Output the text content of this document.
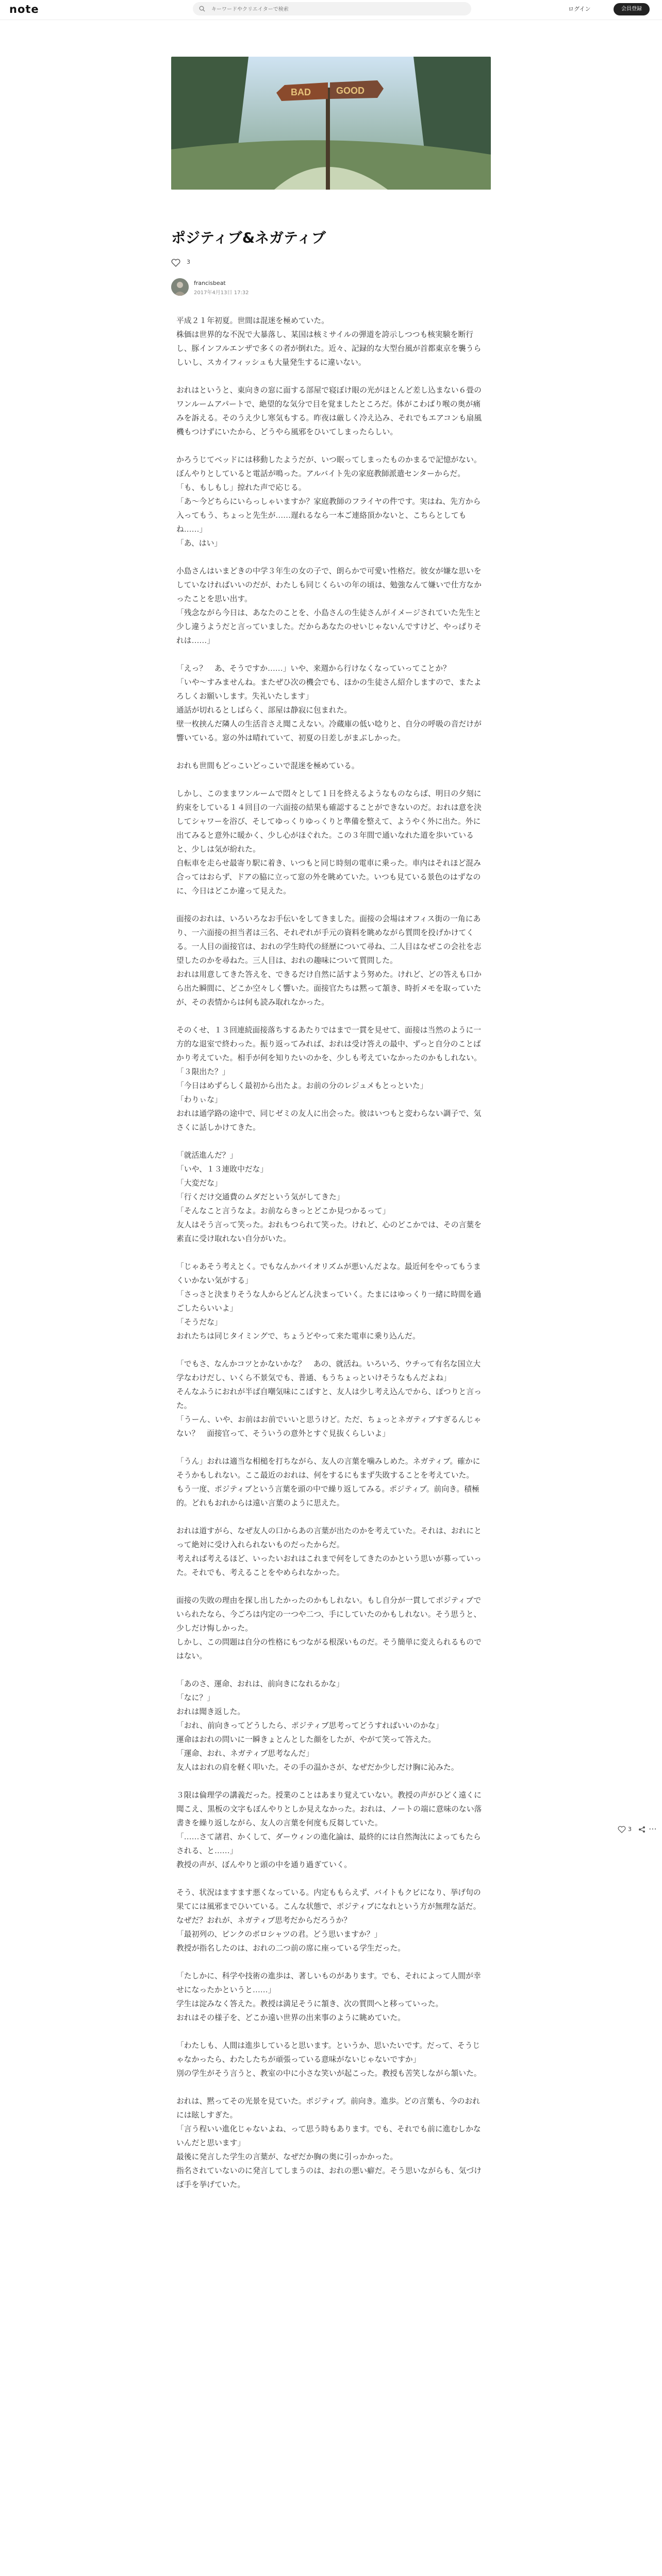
note
キーワードやクリエイターで検索	ログイン	会員登録
BAD	GOOD
ポジティブ&ネガティブ
3
francisbeat
2017年4月13日 17:32

平成２１年初夏。世間は混迷を極めていた。
株価は世界的な不況で大暴落し、某国は核ミサイルの弾道を誇示しつつも核実験を断行し、豚インフルエンザで多くの者が倒れた。近々、記録的な大型台風が首都東京を襲うらしいし、スカイフィッシュも大量発生するに違いない。

おれはというと、東向きの窓に面する部屋で寝ぼけ眼の光がほとんど差し込まない６畳のワンルームアパートで、絶望的な気分で目を覚ましたところだ。体がこわばり喉の奥が痛みを訴える。そのうえ少し寒気もする。昨夜は厳しく冷え込み、それでもエアコンも扇風機もつけずにいたから、どうやら風邪をひいてしまったらしい。

かろうじてベッドには移動したようだが、いつ眠ってしまったものかまるで記憶がない。
ぼんやりとしていると電話が鳴った。アルバイト先の家庭教師派遣センターからだ。
「も、もしもし」掠れた声で応じる。
「あ～今どちらにいらっしゃいますか？家庭教師のフライヤの件です。実はね、先方から入ってもう、ちょっと先生が……遅れるなら一本ご連絡頂かないと、こちらとしてもね……」
「あ、はい」

小島さんはいまどきの中学３年生の女の子で、朗らかで可愛い性格だ。彼女が嫌な思いをしていなければいいのだが、わたしも同じくらいの年の頃は、勉強なんて嫌いで仕方なかったことを思い出す。
「残念ながら今日は、あなたのことを、小島さんの生徒さんがイメージされていた先生と少し違うようだと言っていました。だからあなたのせいじゃないんですけど、やっぱりそれは……」

「えっ？　あ、そうですか……」いや、来週から行けなくなっていってことか？
「いや～すみませんね。またぜひ次の機会でも、ほかの生徒さん紹介しますので、またよろしくお願いします。失礼いたします」
通話が切れるとしばらく、部屋は静寂に包まれた。
壁一枚挟んだ隣人の生活音さえ聞こえない。冷蔵庫の低い唸りと、自分の呼吸の音だけが響いている。窓の外は晴れていて、初夏の日差しがまぶしかった。

おれも世間もどっこいどっこいで混迷を極めている。

しかし、このままワンルームで悶々として１日を終えるようなものならば、明日の夕刻に約束をしている１４回目の一六面接の結果も確認することができないのだ。おれは意を決してシャワーを浴び、そしてゆっくりゆっくりと準備を整えて、ようやく外に出た。外に出てみると意外に暖かく、少し心がほぐれた。この３年間で通いなれた道を歩いていると、少しは気が紛れた。
自転車を走らせ最寄り駅に着き、いつもと同じ時刻の電車に乗った。車内はそれほど混み合ってはおらず、ドアの脇に立って窓の外を眺めていた。いつも見ている景色のはずなのに、今日はどこか違って見えた。

面接のおれは、いろいろなお手伝いをしてきました。面接の会場はオフィス街の一角にあり、一六面接の担当者は三名、それぞれが手元の資料を眺めながら質問を投げかけてくる。一人目の面接官は、おれの学生時代の経歴について尋ね、二人目はなぜこの会社を志望したのかを尋ねた。三人目は、おれの趣味について質問した。
おれは用意してきた答えを、できるだけ自然に話すよう努めた。けれど、どの答えも口から出た瞬間に、どこか空々しく響いた。面接官たちは黙って頷き、時折メモを取っていたが、その表情からは何も読み取れなかった。

そのくせ、１３回連続面接落ちするあたりではまで一貫を見せて、面接は当然のように一方的な退室で終わった。振り返ってみれば、おれは受け答えの最中、ずっと自分のことばかり考えていた。相手が何を知りたいのかを、少しも考えていなかったのかもしれない。
「３限出た？」
「今日はめずらしく最初から出たよ。お前の分のレジュメもとっといた」
「わりぃな」
おれは通学路の途中で、同じゼミの友人に出会った。彼はいつもと変わらない調子で、気さくに話しかけてきた。

「就活進んだ？」
「いや、１３連敗中だな」
「大変だな」
「行くだけ交通費のムダだという気がしてきた」
「そんなこと言うなよ。お前ならきっとどこか見つかるって」
友人はそう言って笑った。おれもつられて笑った。けれど、心のどこかでは、その言葉を素直に受け取れない自分がいた。

「じゃあそう考えとく。でもなんかバイオリズムが悪いんだよな。最近何をやってもうまくいかない気がする」
「さっさと決まりそうな人からどんどん決まっていく。たまにはゆっくり一緒に時間を過ごしたらいいよ」
「そうだな」
おれたちは同じタイミングで、ちょうどやって来た電車に乗り込んだ。

「でもさ、なんかコツとかないかな？　あの、就活ね。いろいろ、ウチって有名な国立大学なわけだし、いくら不景気でも、普通、もうちょっといけそうなもんだよね」
そんなふうにおれが半ば自嘲気味にこぼすと、友人は少し考え込んでから、ぽつりと言った。
「うーん、いや、お前はお前でいいと思うけど。ただ、ちょっとネガティブすぎるんじゃない？　面接官って、そういうの意外とすぐ見抜くらしいよ」

「うん」おれは適当な相槌を打ちながら、友人の言葉を噛みしめた。ネガティブ。確かにそうかもしれない。ここ最近のおれは、何をするにもまず失敗することを考えていた。
もう一度、ポジティブという言葉を頭の中で繰り返してみる。ポジティブ。前向き。積極的。どれもおれからは遠い言葉のように思えた。

おれは道すがら、なぜ友人の口からあの言葉が出たのかを考えていた。それは、おれにとって絶対に受け入れられないものだったからだ。
考えれば考えるほど、いったいおれはこれまで何をしてきたのかという思いが募っていった。それでも、考えることをやめられなかった。

面接の失敗の理由を探し出したかったのかもしれない。もし自分が一貫してポジティブでいられたなら、今ごろは内定の一つや二つ、手にしていたのかもしれない。そう思うと、少しだけ悔しかった。
しかし、この問題は自分の性格にもつながる根深いものだ。そう簡単に変えられるものではない。

「あのさ、運命、おれは、前向きになれるかな」
「なに？」
おれは聞き返した。
「おれ、前向きってどうしたら、ポジティブ思考ってどうすればいいのかな」
運命はおれの問いに一瞬きょとんとした顔をしたが、やがて笑って答えた。
「運命、おれ、ネガティブ思考なんだ」
友人はおれの肩を軽く叩いた。その手の温かさが、なぜだか少しだけ胸に沁みた。

３限は倫理学の講義だった。授業のことはあまり覚えていない。教授の声がひどく遠くに聞こえ、黒板の文字もぼんやりとしか見えなかった。おれは、ノートの端に意味のない落書きを繰り返しながら、友人の言葉を何度も反芻していた。
「……さて諸君、かくして、ダーウィンの進化論は、最終的には自然淘汰によってもたらされる、と……」
教授の声が、ぼんやりと頭の中を通り過ぎていく。

そう、状況はますます悪くなっている。内定ももらえず、バイトもクビになり、挙げ句の果てには風邪までひいている。こんな状態で、ポジティブになれという方が無理な話だ。
なぜだ？おれが、ネガティブ思考だからだろうか？
「最初列の、ピンクのボロシャツの君。どう思いますか？」
教授が指名したのは、おれの二つ前の席に座っている学生だった。

「たしかに、科学や技術の進歩は、著しいものがあります。でも、それによって人間が幸せになったかというと……」
学生は淀みなく答えた。教授は満足そうに頷き、次の質問へと移っていった。
おれはその様子を、どこか遠い世界の出来事のように眺めていた。

「わたしも、人間は進歩していると思います。というか、思いたいです。だって、そうじゃなかったら、わたしたちが頑張っている意味がないじゃないですか」
別の学生がそう言うと、教室の中に小さな笑いが起こった。教授も苦笑しながら頷いた。

おれは、黙ってその光景を見ていた。ポジティブ。前向き。進歩。どの言葉も、今のおれには眩しすぎた。
「言う程いい進化じゃないよね、って思う時もあります。でも、それでも前に進むしかないんだと思います」
最後に発言した学生の言葉が、なぜだか胸の奥に引っかかった。
指名されていないのに発言してしまうのは、おれの悪い癖だ。そう思いながらも、気づけば手を挙げていた。

3 ⋯
